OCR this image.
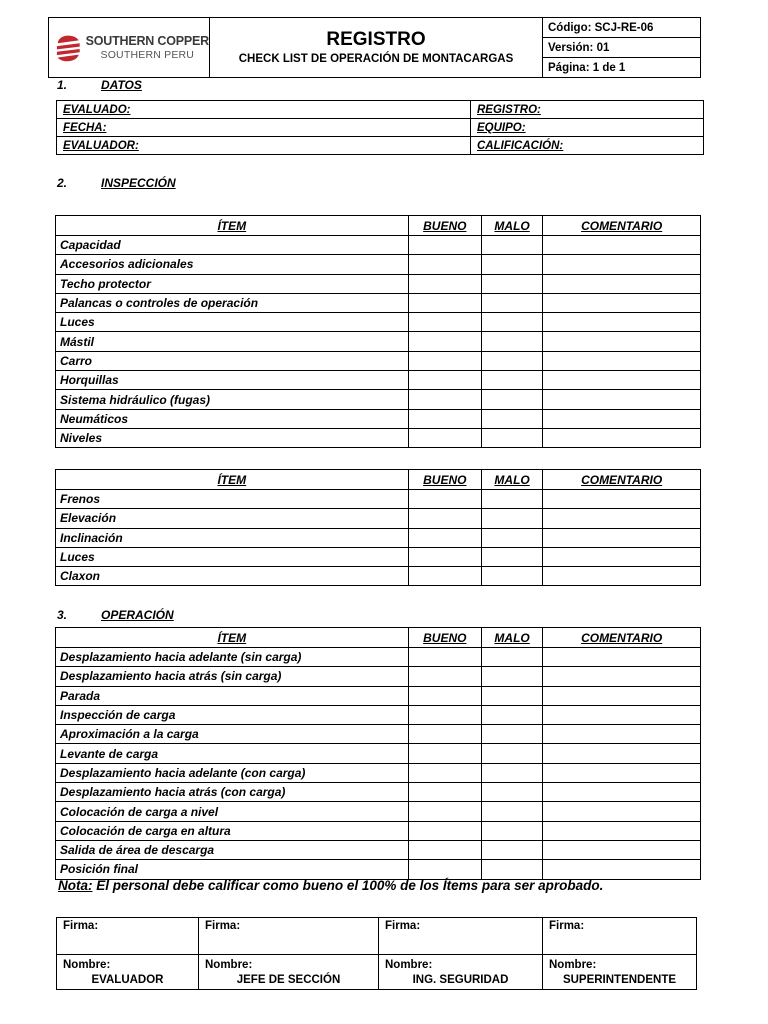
SOUTHERN COPPER
SOUTHERN PERU

REGISTRO
CHECK LIST DE OPERACIÓN DE MONTACARGAS
	Código: SCJ-RE-06
Versión: 01
Página: 1 de 1
1.	DATOS
EVALUADO:	REGISTRO:
FECHA:	EQUIPO:
EVALUADOR:	CALIFICACIÓN:
2.	INSPECCIÓN
ÍTEM	BUENO	MALO	COMENTARIO
Capacidad			
Accesorios adicionales			
Techo protector			
Palancas o controles de operación			
Luces			
Mástil			
Carro			
Horquillas			
Sistema hidráulico (fugas)			
Neumáticos			
Niveles			
ÍTEM	BUENO	MALO	COMENTARIO
Frenos			
Elevación			
Inclinación			
Luces			
Claxon			
3.	OPERACIÓN
ÍTEM	BUENO	MALO	COMENTARIO
Desplazamiento hacia adelante (sin carga)			
Desplazamiento hacia atrás (sin carga)			
Parada			
Inspección de carga			
Aproximación a la carga			
Levante de carga			
Desplazamiento hacia adelante (con carga)			
Desplazamiento hacia atrás (con carga)			
Colocación de carga a nivel			
Colocación de carga en altura			
Salida de área de descarga			
Posición final			
Nota: El personal debe calificar como bueno el 100% de los Ítems para ser aprobado.
Firma:	Firma:	Firma:	Firma:
Nombre:	Nombre:	Nombre:	Nombre:
EVALUADOR	JEFE DE SECCIÓN	ING. SEGURIDAD	SUPERINTENDENTE
